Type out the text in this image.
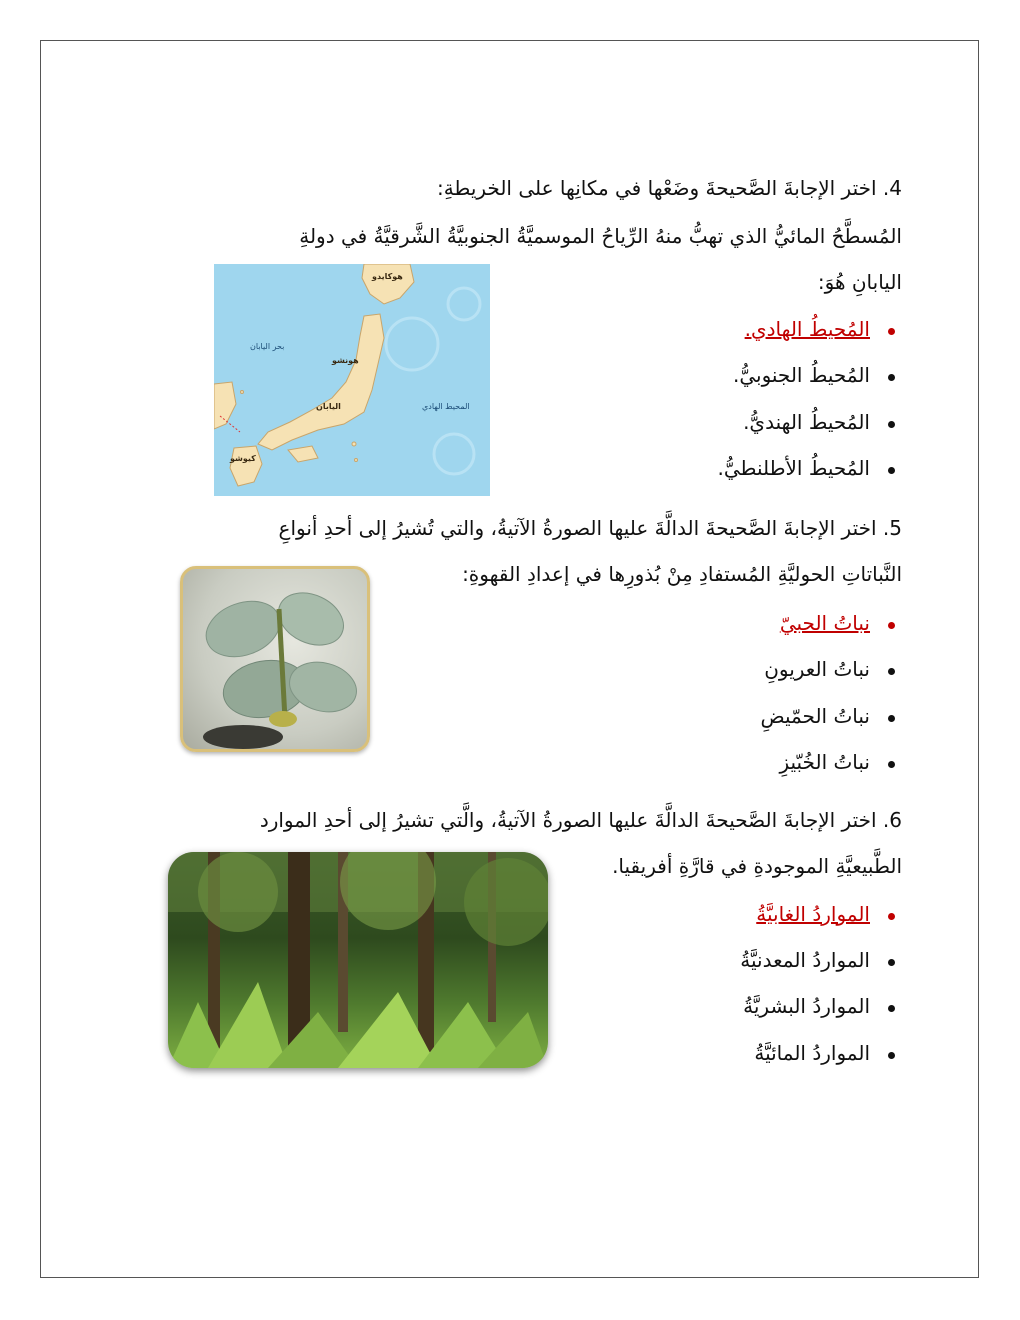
4. اختر الإجابةَ الصَّحيحةَ وضَعْها في مكانِها على الخريطةِ:
المُسطَّحُ المائيُّ الذي تهبُّ منهُ الرِّياحُ الموسميَّةُ الجنوبيَّةُ الشَّرقيَّةُ في دولةِ
اليابانِ هُوَ:
المُحيطُ الهادي.
المُحيطُ الجنوبيُّ.
المُحيطُ الهنديُّ.
المُحيطُ الأطلنطيُّ.
بحر اليابان
المحيط الهادي
اليابان
هونشو
كيوشو
هوكايدو
5. اختر الإجابةَ الصَّحيحةَ الدالَّةَ عليها الصورةُ الآتيةُ، والتي تُشيرُ إلى أحدِ أنواعِ
النَّباتاتِ الحوليَّةِ المُستفادِ مِنْ بُذورِها في إعدادِ القهوةِ:
نباتُ الحبيّ
نباتُ العريونِ
نباتُ الحمّيضِ
نباتُ الخُبّيزِ
6. اختر الإجابةَ الصَّحيحةَ الدالَّةَ عليها الصورةُ الآتيةُ، والَّتي تشيرُ إلى أحدِ الموارد
الطَّبيعيَّةِ الموجودةِ في قارَّةِ أفريقيا.
المواردُ الغابيَّةُ
المواردُ المعدنيَّةُ
المواردُ البشريَّةُ
المواردُ المائيَّةُ
